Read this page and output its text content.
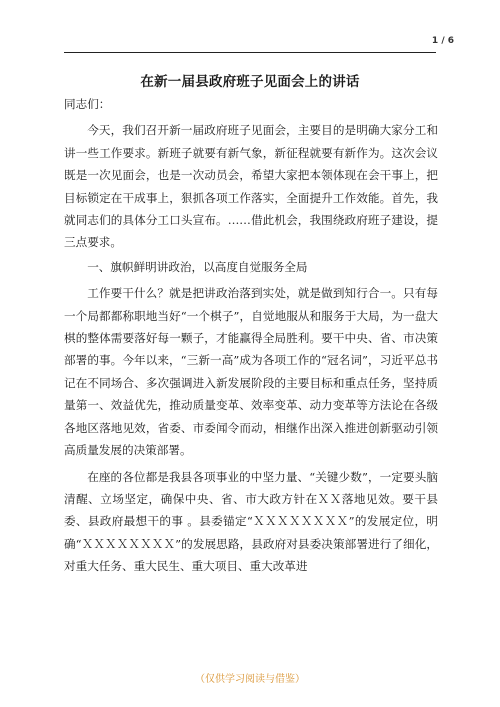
1 / 6
在新一届县政府班子见面会上的讲话

同志们：

今天，我们召开新一届政府班子见面会，主要目的是明确大家分工和讲一些工作要求。新班子就要有新气象，新征程就要有新作为。这次会议既是一次见面会，也是一次动员会，希望大家把本领体现在会干事上，把目标锁定在干成事上，狠抓各项工作落实，全面提升工作效能。首先，我就同志们的具体分工口头宣布。……借此机会，我围绕政府班子建设，提三点要求。

一、旗帜鲜明讲政治，以高度自觉服务全局

工作要干什么？就是把讲政治落到实处，就是做到知行合一。只有每一个局都都称职地当好“一个棋子”，自觉地服从和服务于大局，为一盘大棋的整体需要落好每一颗子，才能赢得全局胜利。要干中央、省、市决策部署的事。今年以来，“三新一高”成为各项工作的“冠名词”，习近平总书记在不同场合、多次强调进入新发展阶段的主要目标和重点任务，坚持质量第一、效益优先，推动质量变革、效率变革、动力变革等方法论在各级各地区落地见效，省委、市委闻令而动，相继作出深入推进创新驱动引领高质量发展的决策部署。

在座的各位都是我县各项事业的中坚力量、“关键少数”，一定要头脑清醒、立场坚定，确保中央、省、市大政方针在ＸＸ落地见效。要干县委、县政府最想干的事 。县委锚定“ＸＸＸＸＸＸＸＸ”的发展定位，明确“ＸＸＸＸＸＸＸＸ”的发展思路，县政府对县委决策部署进行了细化，对重大任务、重大民生、重大项目、重大改革进

（仅供学习阅读与借鉴）
